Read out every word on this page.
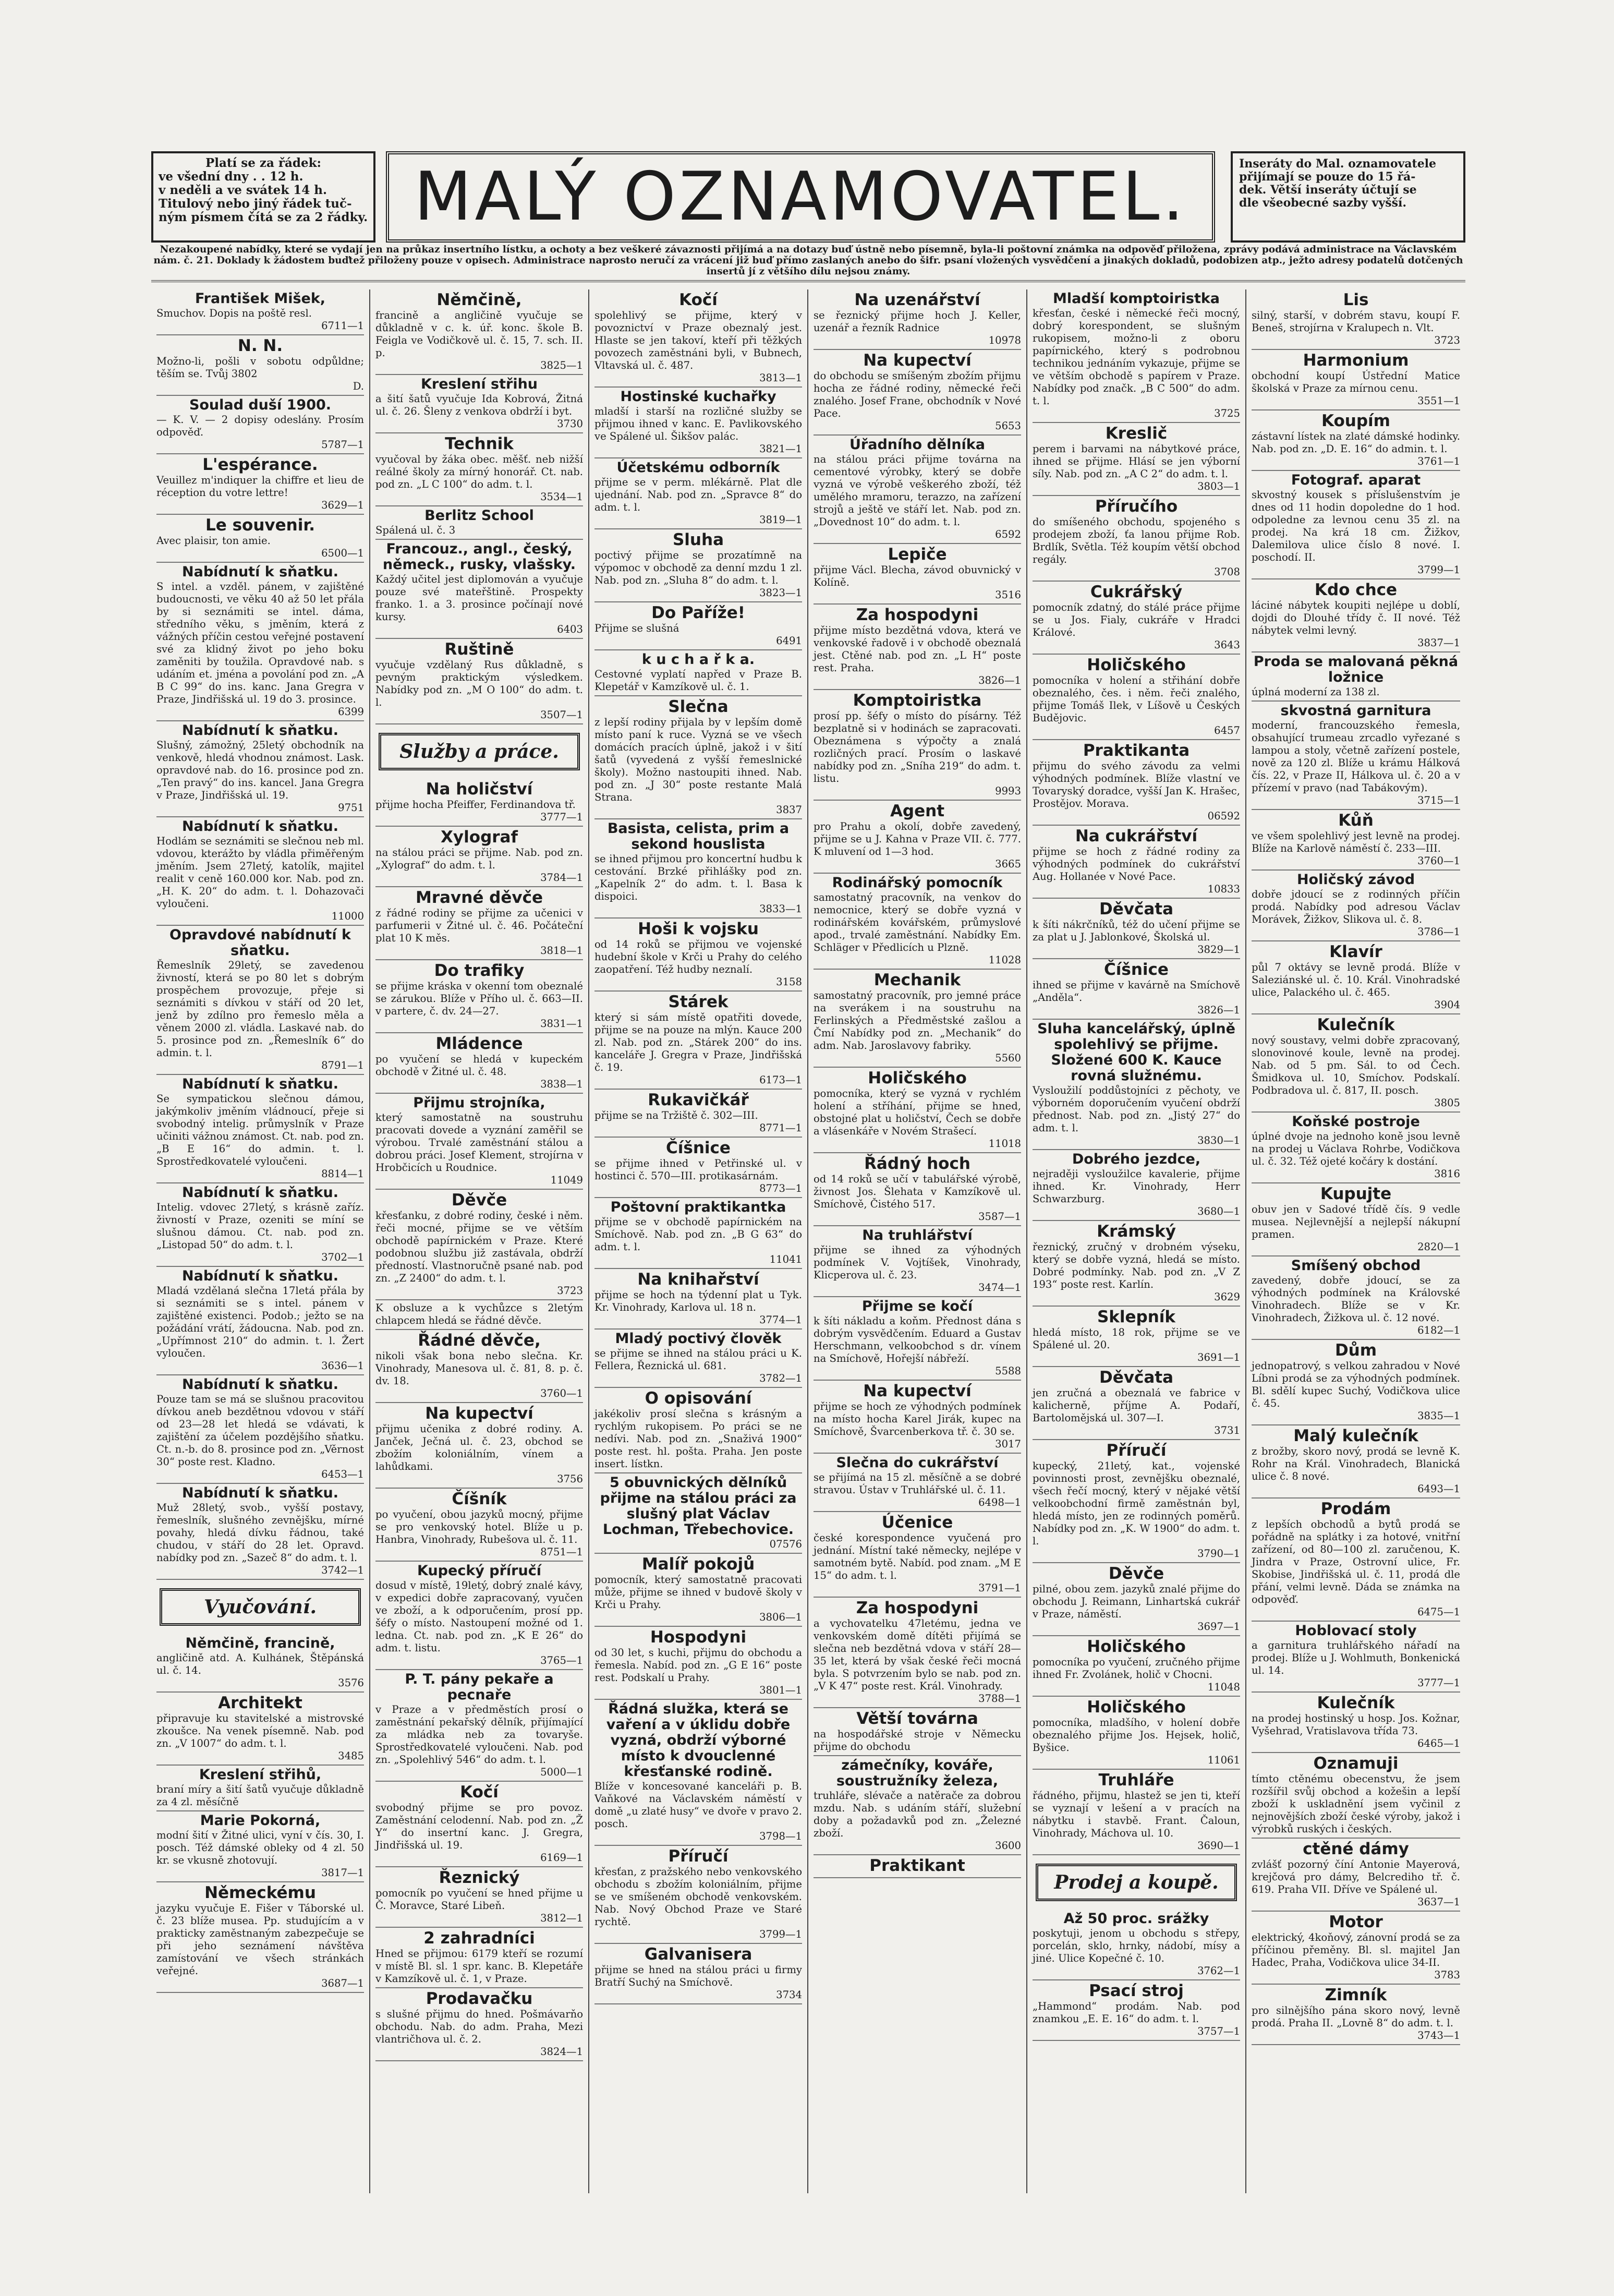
Platí se za řádek:
ve všední dny . . 12 h.
v neděli a ve svátek 14 h.
Titulový nebo jiný řádek tuč-
ným písmem čítá se za 2 řádky. MALÝ OZNAMOVATEL.	Inseráty do Mal. oznamovatele
přijímají se pouze do 15 řá-
dek. Větší inseráty účtují se
dle všeobecné sazby vyšší.
Nezakoupené nabídky, které se vydají jen na průkaz insertního lístku, a ochoty a bez veškeré závaznosti přijímá a na dotazy buď ústně nebo písemně, byla-li poštovní známka na odpověď přiložena, zprávy podává administrace na Václavském nám. č. 21. Doklady k žádostem buďtež přiloženy pouze v opisech. Administrace naprosto neručí za vrácení již buď přímo zaslaných anebo do šifr. psaní vložených vysvědčení a jinakých dokladů, podobizen atp., ježto adresy podatelů dotčených insertů jí z většího dílu nejsou známy.
František Mišek,
Smuchov. Dopis na poště resl.
6711—1
N. N.
Možno-li, pošli v sobotu odpůldne; těším se. Tvůj 3802
D.
Soulad duší 1900.
— K. V. — 2 dopisy odeslány. Prosím odpověď.
5787—1
L'espérance.
Veuillez m'indiquer la chiffre et lieu de réception du votre lettre!
3629—1
Le souvenir.
Avec plaisir, ton amie.
6500—1
Nabídnutí k sňatku.
S intel. a vzděl. pánem, v zajištěné budoucnosti, ve věku 40 až 50 let přála by si seznámiti se intel. dáma, středního věku, s jměním, která z vážných příčin cestou veřejné postavení své za klidný život po jeho boku zaměniti by toužila. Opravdové nab. s udáním et. jména a povolání pod zn. „A B C 99“ do ins. kanc. Jana Gregra v Praze, Jindřišská ul. 19 do 3. prosince.
6399
Nabídnutí k sňatku.
Slušný, zámožný, 25letý obchodník na venkově, hledá vhodnou známost. Lask. opravdové nab. do 16. prosince pod zn. „Ten pravý“ do ins. kancel. Jana Gregra v Praze, Jindřišská ul. 19.
9751
Nabídnutí k sňatku.
Hodlám se seznámiti se slečnou neb ml. vdovou, kterážto by vládla přiměřeným jměním. Jsem 27letý, katolík, majitel realit v ceně 160.000 kor. Nab. pod zn. „H. K. 20“ do adm. t. l. Dohazovači vyloučeni.
11000
Opravdové nabídnutí k sňatku.
Řemeslník 29letý, se zavedenou živností, která se po 80 let s dobrým prospěchem provozuje, přeje si seznámiti s dívkou v stáří od 20 let, jenž by zdílno pro řemeslo měla a věnem 2000 zl. vládla. Laskavé nab. do 5. prosince pod zn. „Řemeslník 6“ do admin. t. l.
8791—1
Nabídnutí k sňatku.
Se sympatickou slečnou dámou, jakýmkoliv jměním vládnoucí, přeje si svobodný intelig. průmyslník v Praze učiniti vážnou známost. Ct. nab. pod zn. „B E 16“ do admin. t. l. Sprostředkovatelé vyloučeni.
8814—1
Nabídnutí k sňatku.
Intelig. vdovec 27letý, s krásně zaříz. živností v Praze, ozeniti se míní se slušnou dámou. Ct. nab. pod zn. „Listopad 50“ do adm. t. l.
3702—1
Nabídnutí k sňatku.
Mladá vzdělaná slečna 17letá přála by si seznámiti se s intel. pánem v zajištěné existenci. Podob.; ježto se na požádání vrátí, žádoucna. Nab. pod zn. „Upřímnost 210“ do admin. t. l. Žert vyloučen.
3636—1
Nabídnutí k sňatku.
Pouze tam se má se slušnou pracovitou dívkou aneb bezdětnou vdovou v stáří od 23—28 let hledá se vdávati, k zajištění za účelem pozdějšího sňatku. Ct. n.-b. do 8. prosince pod zn. „Věrnost 30“ poste rest. Kladno.
6453—1
Nabídnutí k sňatku.
Muž 28letý, svob., vyšší postavy, řemeslník, slušného zevnějšku, mírné povahy, hledá dívku řádnou, také chudou, v stáří do 28 let. Opravd. nabídky pod zn. „Sazeč 8“ do adm. t. l.
3742—1
Vyučování.
Němčině, francině,
angličině atd. A. Kulhánek, Štěpánská ul. č. 14.
3576
Architekt
připravuje ku stavitelské a mistrovské zkoušce. Na venek písemně. Nab. pod zn. „V 1007“ do adm. t. l.
3485
Kreslení střihů,
braní míry a šití šatů vyučuje důkladně za 4 zl. měsíčně
Marie Pokorná,
modní šití v Žitné ulici, vyní v čís. 30, I. posch. Též dámské obleky od 4 zl. 50 kr. se vkusně zhotovují.
3817—1
Německému
jazyku vyučuje E. Fišer v Táborské ul. č. 23 blíže musea. Pp. studujícím a v prakticky zaměstnaným zabezpečuje se při jeho seznámení návštěva zamístování ve všech stránkách veřejné.
3687—1
Němčině,
francině a angličině vyučuje se důkladně v c. k. úř. konc. škole B. Feigla ve Vodičkově ul. č. 15, 7. sch. II. p.
3825—1
Kreslení střihu
a šití šatů vyučuje Ida Kobrová, Žitná ul. č. 26. Šleny z venkova obdrží i byt.
3730
Technik
vyučoval by žáka obec. měšť. neb nižší reálné školy za mírný honorář. Ct. nab. pod zn. „L C 100“ do adm. t. l.
3534—1
Berlitz School
Spálená ul. č. 3
Francouz., angl., český, německ., rusky, vlašsky.
Každý učitel jest diplomován a vyučuje pouze své mateřštině. Prospekty franko. 1. a 3. prosince počínají nové kursy.
6403
Ruštině
vyučuje vzdělaný Rus důkladně, s pevným praktickým výsledkem. Nabídky pod zn. „M O 100“ do adm. t. l.
3507—1
Služby a práce.
Na holičství
přijme hocha Pfeiffer, Ferdinandova tř.
3777—1
Xylograf
na stálou práci se přijme. Nab. pod zn. „Xylograf“ do adm. t. l.
3784—1
Mravné děvče
z řádné rodiny se přijme za učenici v parfumerii v Žitné ul. č. 46. Počáteční plat 10 K měs.
3818—1
Do trafiky
se přijme kráska v okenní tom obeznalé se zárukou. Blíže v Přího ul. č. 663—II. v partere, č. dv. 24—27.
3831—1
Mládence
po vyučení se hledá v kupeckém obchodě v Žitné ul. č. 48.
3838—1
Přijmu strojníka,
který samostatně na soustruhu pracovati dovede a vyznání zaměřil se výrobou. Trvalé zaměstnání stálou a dobrou práci. Josef Klement, strojírna v Hrobčicích u Roudnice.
11049
Děvče
křesťanku, z dobré rodiny, české i něm. řeči mocné, přijme se ve větším obchodě papírnickém v Praze. Které podobnou službu již zastávala, obdrží předností. Vlastnoručně psané nab. pod zn. „Z 2400“ do adm. t. l.
3723
K obsluze a k vychůzce s 2letým chlapcem hledá se řádné děvče.
Řádné děvče,
nikoli však bona nebo slečna. Kr. Vinohrady, Manesova ul. č. 81, 8. p. č. dv. 18.
3760—1
Na kupectví
přijmu učenika z dobré rodiny. A. Janček, Ječná ul. č. 23, obchod se zbožím koloniálním, vínem a lahůdkami.
3756
Číšník
po vyučení, obou jazyků mocný, přijme se pro venkovský hotel. Blíže u p. Hanbra, Vinohrady, Rubešova ul. č. 11.
8751—1
Kupecký příručí
dosud v místě, 19letý, dobrý znalé kávy, v expedici dobře zapracovaný, vyučen ve zboží, a k odporučením, prosí pp. šéfy o místo. Nastoupení možné od 1. ledna. Ct. nab. pod zn. „K E 26“ do adm. t. listu.
3765—1
P. T. pány pekaře a pecnaře
v Praze a v předměstích prosí o zaměstnání pekařský dělník, přijímající za mládka neb za tovaryše. Sprostředkovatelé vyloučeni. Nab. pod zn. „Spolehlivý 546“ do adm. t. l.
5000—1
Kočí
svobodný přijme se pro povoz. Zaměstnání celodenní. Nab. pod zn. „Ž Y“ do insertní kanc. J. Gregra, Jindřišská ul. 19.
6169—1
Řeznický
pomocník po vyučení se hned přijme u Č. Moravce, Staré Libeň.
3812—1
2 zahradníci
Hned se přijmou: 6179 kteří se rozumí v místě Bl. sl. 1 spr. kanc. B. Klepetáře v Kamzíkově ul. č. 1, v Praze.
Prodavačku
s slušné přijmu do hned. Pošmávarňo obchodu. Nab. do adm. Praha, Mezi vlantričhova ul. č. 2.
3824—1
Kočí
spolehlivý se přijme, který v povoznictví v Praze obeznalý jest. Hlaste se jen takoví, kteří při těžkých povozech zaměstnáni byli, v Bubnech, Vltavská ul. č. 487.
3813—1
Hostinské kuchařky
mladší i starší na rozličné služby se přijmou ihned v kanc. E. Pavlikovského ve Spálené ul. Šikšov palác.
3821—1
Účetskému odborník
přijme se v perm. mlékárně. Plat dle ujednání. Nab. pod zn. „Spravce 8“ do adm. t. l.
3819—1
Sluha
poctivý přijme se prozatímně na výpomoc v obchodě za denní mzdu 1 zl. Nab. pod zn. „Sluha 8“ do adm. t. l.
3823—1
Do Paříže!
Přijme se slušná
6491
k u c h a ř k a.
Cestovné vyplatí napřed v Praze B. Klepetář v Kamzíkově ul. č. 1.
Slečna
z lepší rodiny přijala by v lepším domě místo paní k ruce. Vyzná se ve všech domácích pracích úplně, jakož i v šití šatů (vyvedená z vyšší řemeslnické školy). Možno nastoupiti ihned. Nab. pod zn. „J 30“ poste restante Malá Strana.
3837
Basista, celista, prim a sekond houslista
se ihned přijmou pro koncertní hudbu k cestování. Brzké přihlášky pod zn. „Kapelník 2“ do adm. t. l. Basa k dispoici.
3833—1
Hoši k vojsku
od 14 roků se přijmou ve vojenské hudební škole v Krči u Prahy do celého zaopatření. Též hudby neznalí.
3158
Stárek
který si sám místě opatřiti dovede, přijme se na pouze na mlýn. Kauce 200 zl. Nab. pod zn. „Stárek 200“ do ins. kanceláře J. Gregra v Praze, Jindřišská č. 19.
6173—1
Rukavičkář
přijme se na Tržiště č. 302—III.
8771—1
Číšnice
se přijme ihned v Petřinské ul. v hostinci č. 570—III. protikasárnám.
8773—1
Poštovní praktikantka
přijme se v obchodě papírnickém na Smíchově. Nab. pod zn. „B G 63“ do adm. t. l.
11041
Na knihařství
přijme se hoch na týdenní plat u Tyk. Kr. Vinohrady, Karlova ul. 18 n.
3774—1
Mladý poctivý člověk
se přijme se ihned na stálou práci u K. Fellera, Řeznická ul. 681.
3782—1
O opisování
jakékoliv prosí slečna s krásným a rychlým rukopisem. Po práci se ne nedívi. Nab. pod zn. „Snaživá 1900“ poste rest. hl. pošta. Praha. Jen poste insert. lístkn.
5 obuvnických dělníků přijme na stálou práci za slušný plat Václav Lochman, Třebechovice.
07576
Malíř pokojů
pomocník, který samostatně pracovati může, přijme se ihned v budově školy v Krči u Prahy.
3806—1
Hospodyni
od 30 let, s kuchi, přijmu do obchodu a řemesla. Nabíd. pod zn. „G E 16“ poste rest. Podskalí u Prahy.
3801—1
Řádná služka, která se vaření a v úklidu dobře vyzná, obdrží výborné místo k dvouclenné křesťanské rodině.
Blíže v koncesované kanceláři p. B. Vaňkové na Václavském náměstí v domě „u zlaté husy“ ve dvoře v pravo 2. posch.
3798—1
Příručí
křesťan, z pražského nebo venkovského obchodu s zbožím koloniálním, přijme se ve smíšeném obchodě venkovském. Nab. Nový Obchod Praze ve Staré rychtě.
3799—1
Galvanisera
přijme se hned na stálou práci u firmy Bratří Suchý na Smíchově.
3734
Na uzenářství
se řeznický přijme hoch J. Keller, uzenář a řezník Radnice
10978
Na kupectví
do obchodu se smíšeným zbožím přijmu hocha ze řádné rodiny, německé řeči znalého. Josef Frane, obchodník v Nové Pace.
5653
Úřadního dělníka
na stálou práci přijme továrna na cementové výrobky, který se dobře vyzná ve výrobě veškerého zboží, též umělého mramoru, terazzo, na zařízení strojů a ještě ve stáří let. Nab. pod zn. „Dovednost 10“ do adm. t. l.
6592
Lepiče
přijme Václ. Blecha, závod obuvnický v Kolíně.
3516
Za hospodyni
přijme místo bezdětná vdova, která ve venkovské řadově i v obchodě obeznalá jest. Ctěné nab. pod zn. „L H“ poste rest. Praha.
3826—1
Komptoiristka
prosí pp. šéfy o místo do písárny. Též bezplatně si v hodinách se zapracovati. Obeznámena s výpočty a znalá rozličných prací. Prosím o laskavé nabídky pod zn. „Sníha 219“ do adm. t. listu.
9993
Agent
pro Prahu a okolí, dobře zavedený, přijme se u J. Kahna v Praze VII. č. 777. K mluvení od 1—3 hod.
3665
Rodinářský pomocník
samostatný pracovník, na venkov do nemocnice, který se dobře vyzná v rodinářském kovářském, průmyslové apod., trvalé zaměstnání. Nabídky Em. Schläger v Předlicích u Plzně.
11028
Mechanik
samostatný pracovník, pro jemné práce na sverákem i na soustruhu na Ferlinských a Předměstské zašlou a Čmí Nabídky pod zn. „Mechanik“ do adm. Nab. Jaroslavovy fabriky.
5560
Holičského
pomocníka, který se vyzná v rychlém holení a stříhání, přijme se hned, obstojné plat u holičství, Čech se dobře a vlásenkáře v Novém Strašecí.
11018
Řádný hoch
od 14 roků se učí v tabulářské výrobě, živnost Jos. Šlehata v Kamzíkově ul. Smíchově, Čistého 517.
3587—1
Na truhlářství
přijme se ihned za výhodných podmínek V. Vojtíšek, Vinohrady, Klicperova ul. č. 23.
3474—1
Přijme se kočí
k šíti nákladu a koňm. Přednost dána s dobrým vysvědčením. Eduard a Gustav Herschmann, velkoobchod s dr. vínem na Smíchově, Hořejší nábřeží.
5588
Na kupectví
přijme se hoch ze výhodných podmínek na místo hocha Karel Jirák, kupec na Smíchově, Švarcenberkova tř. č. 30 se.
3017
Slečna do cukrářství
se přijímá na 15 zl. měsíčně a se dobré stravou. Ústav v Truhlářské ul. č. 11.
6498—1
Účenice
české korespondence vyučená pro jednání. Místní také německy, nejlépe v samotném bytě. Nabíd. pod znam. „M E 15“ do adm. t. l.
3791—1
Za hospodyni
a vychovatelku 47letému, jedna ve venkovském domě dítěti přijímá se slečna neb bezdětná vdova v stáří 28—35 let, která by však české řeči mocná byla. S potvrzením bylo se nab. pod zn. „V K 47“ poste rest. Král. Vinohrady.
3788—1
Větší továrna
na hospodářské stroje v Německu přijme do obchodu
zámečníky, kováře, soustružníky železa,
truhláře, slévače a natěrače za dobrou mzdu. Nab. s udáním stáří, služební doby a požadavků pod zn. „Železné zboží.
3600
Praktikant
Mladší komptoiristka
křesťan, české i německé řeči mocný, dobrý korespondent, se slušným rukopisem, možno-li z oboru papírnického, který s podrobnou technikou jednáním vykazuje, přijme se ve větším obchodě s papírem v Praze. Nabídky pod značk. „B C 500“ do adm. t. l.
3725
Kreslič
perem i barvami na nábytkové práce, ihned se přijme. Hlásí se jen výborní síly. Nab. pod zn. „A C 2“ do adm. t. l.
3803—1
Příručího
do smíšeného obchodu, spojeného s prodejem zboží, ťa lanou přijme Rob. Brdlík, Světla. Též koupím větší obchod regály.
3708
Cukrářský
pomocník zdatný, do stálé práce přijme se u Jos. Fialy, cukráře v Hradci Králové.
3643
Holičského
pomocníka v holení a střihání dobře obeznalého, čes. i něm. řeči znalého, přijme Tomáš Ilek, v Líšově u Českých Budějovic.
6457
Praktikanta
přijmu do svého závodu za velmi výhodných podmínek. Blíže vlastní ve Tovaryský doradce, vyšší Jan K. Hrašec, Prostějov. Morava.
06592
Na cukrářství
přijme se hoch z řádné rodiny za výhodných podmínek do cukrářství Aug. Hollanée v Nové Pace.
10833
Děvčata
k šíti nákrčníků, též do učení přijme se za plat u J. Jablonkové, Školská ul.
3829—1
Číšnice
ihned se přijme v kavárně na Smíchově „Anděla“.
3826—1
Sluha kancelářský, úplně spolehlivý se přijme. Složené 600 K. Kauce rovná služnému.
Vysloužilí poddůstojníci z pěchoty, ve výborném doporučením vyučení obdrží přednost. Nab. pod zn. „Jistý 27“ do adm. t. l.
3830—1
Dobrého jezdce,
nejraději vysloužilce kavalerie, přijme ihned. Kr. Vinohrady, Herr Schwarzburg.
3680—1
Krámský
řeznický, zručný v drobném výseku, který se dobře vyzná, hledá se místo. Dobré podmínky. Nab. pod zn. „V Z 193“ poste rest. Karlín.
3629
Sklepník
hledá místo, 18 rok, přijme se ve Spálené ul. 20.
3691—1
Děvčata
jen zručná a obeznalá ve fabrice v kalicherně, příjme A. Podaří, Bartolomějská ul. 307—I.
3731
Příručí
kupecký, 21letý, kat., vojenské povinnosti prost, zevnějšku obeznalé, všech řečí mocný, který v nějaké větší velkoobchodní firmě zaměstnán byl, hledá místo, jen ze rodinných poměrů. Nabídky pod zn. „K. W 1900“ do adm. t. l.
3790—1
Děvče
pilné, obou zem. jazyků znalé přijme do obchodu J. Reimann, Linhartská cukrář v Praze, náměstí.
3697—1
Holičského
pomocníka po vyučení, zručného přijme ihned Fr. Zvolánek, holič v Chocni.
11048
Holičského
pomocníka, mladšího, v holení dobře obeznalého přijme Jos. Hejsek, holič, Byšice.
11061
Truhláře
řádného, přijmu, hlastež se jen ti, kteří se vyznají v lešení a v pracích na nábytku i stavbě. Frant. Čaloun, Vinohrady, Máchova ul. 10.
3690—1
Prodej a koupě.
Až 50 proc. srážky
poskytuji, jenom u obchodu s střepy, porcelán, sklo, hrnky, nádobí, mísy a jiné. Ulice Kopečné č. 10.
3762—1
Psací stroj
„Hammond“ prodám. Nab. pod znamkou „E. E. 16“ do adm. t. l.
3757—1
Lis
silný, starší, v dobrém stavu, koupí F. Beneš, strojírna v Kralupech n. Vlt.
3723
Harmonium
obchodní koupí Ústřední Matice školská v Praze za mírnou cenu.
3551—1
Koupím
zástavní lístek na zlaté dámské hodinky. Nab. pod zn. „D. E. 16“ do admin. t. l.
3761—1
Fotograf. aparat
skvostný kousek s příslušenstvím je dnes od 11 hodin dopoledne do 1 hod. odpoledne za levnou cenu 35 zl. na prodej. Na krá 18 cm. Žižkov, Dalemilova ulice číslo 8 nové. I. poschodí. II.
3799—1
Kdo chce
láciné nábytek koupiti nejlépe u doblí, dojdi do Dlouhé třídy č. II nové. Též nábytek velmi levný.
3837—1
Proda se malovaná pěkná ložnice
úplná moderní za 138 zl.
skvostná garnitura
moderní, francouzského řemesla, obsahující trumeau zrcadlo vyřezané s lampou a stoly, včetně zařízení postele, nově za 120 zl. Blíže u krámu Hálková čís. 22, v Praze II, Hálkova ul. č. 20 a v přízemí v pravo (nad Tabákovým).
3715—1
Kůň
ve všem spolehlivý jest levně na prodej. Blíže na Karlově náměstí č. 233—III.
3760—1
Holičský závod
dobře jdoucí se z rodinných příčin prodá. Nabídky pod adresou Václav Morávek, Žižkov, Slikova ul. č. 8.
3786—1
Klavír
půl 7 oktávy se levně prodá. Blíže v Saleziánské ul. č. 10. Král. Vinohradské ulice, Palackého ul. č. 465.
3904
Kulečník
nový soustavy, velmi dobře zpracovaný, slonovinové koule, levně na prodej. Nab. od 5 pm. Sál. to od Čech. Šmidkova ul. 10, Smíchov. Podskalí. Podbradova ul. č. 817, II. posch.
3805
Koňské postroje
úplné dvoje na jednoho koně jsou levně na prodej u Václava Rohrbe, Vodičkova ul. č. 32. Též ojeté kočáry k dostání.
3816
Kupujte
obuv jen v Sadové třídě čís. 9 vedle musea. Nejlevnější a nejlepší nákupní pramen.
2820—1
Smíšený obchod
zavedený, dobře jdoucí, se za výhodných podmínek na Královské Vinohradech. Blíže se v Kr. Vinohradech, Žižkova ul. č. 12 nové.
6182—1
Dům
jednopatrový, s velkou zahradou v Nové Líbni prodá se za výhodných podmínek. Bl. sdělí kupec Suchý, Vodičkova ulice č. 45.
3835—1
Malý kulečník
z brožby, skoro nový, prodá se levně K. Rohr na Král. Vinohradech, Blanická ulice č. 8 nové.
6493—1
Prodám
z lepších obchodů a bytů prodá se pořádně na splátky i za hotové, vnitřní zařízení, od 80—100 zl. zaručenou, K. Jindra v Praze, Ostrovní ulice, Fr. Skobise, Jindřišská ul. č. 11, prodá dle přání, velmi levně. Dáda se známka na odpověď.
6475—1
Hoblovací stoly
a garnitura truhlářského nářadí na prodej. Blíže u J. Wohlmuth, Bonkenická ul. 14.
3777—1
Kulečník
na prodej hostinský u hosp. Jos. Kožnar, Vyšehrad, Vratislavova třída 73.
6465—1
Oznamuji
tímto ctěnému obecenstvu, že jsem rozšířil svůj obchod a kožešin a lepší zboží k uskladnění jsem vyčinil z nejnovějších zboží české výroby, jakož i výrobků ruských i českých.
ctěné dámy
zvlášť pozorný číní Antonie Mayerová, krejčová pro dámy, Belcrediho tř. č. 619. Praha VII. Dříve ve Spálené ul.
3637—1
Motor
elektrický, 4koňový, zánovní prodá se za příčinou přeměny. Bl. sl. majitel Jan Hadec, Praha, Vodičkova ulice 34-II.
3783
Zimník
pro silnějšího pána skoro nový, levně prodá. Praha II. „Lovně 8“ do adm. t. l.
3743—1
